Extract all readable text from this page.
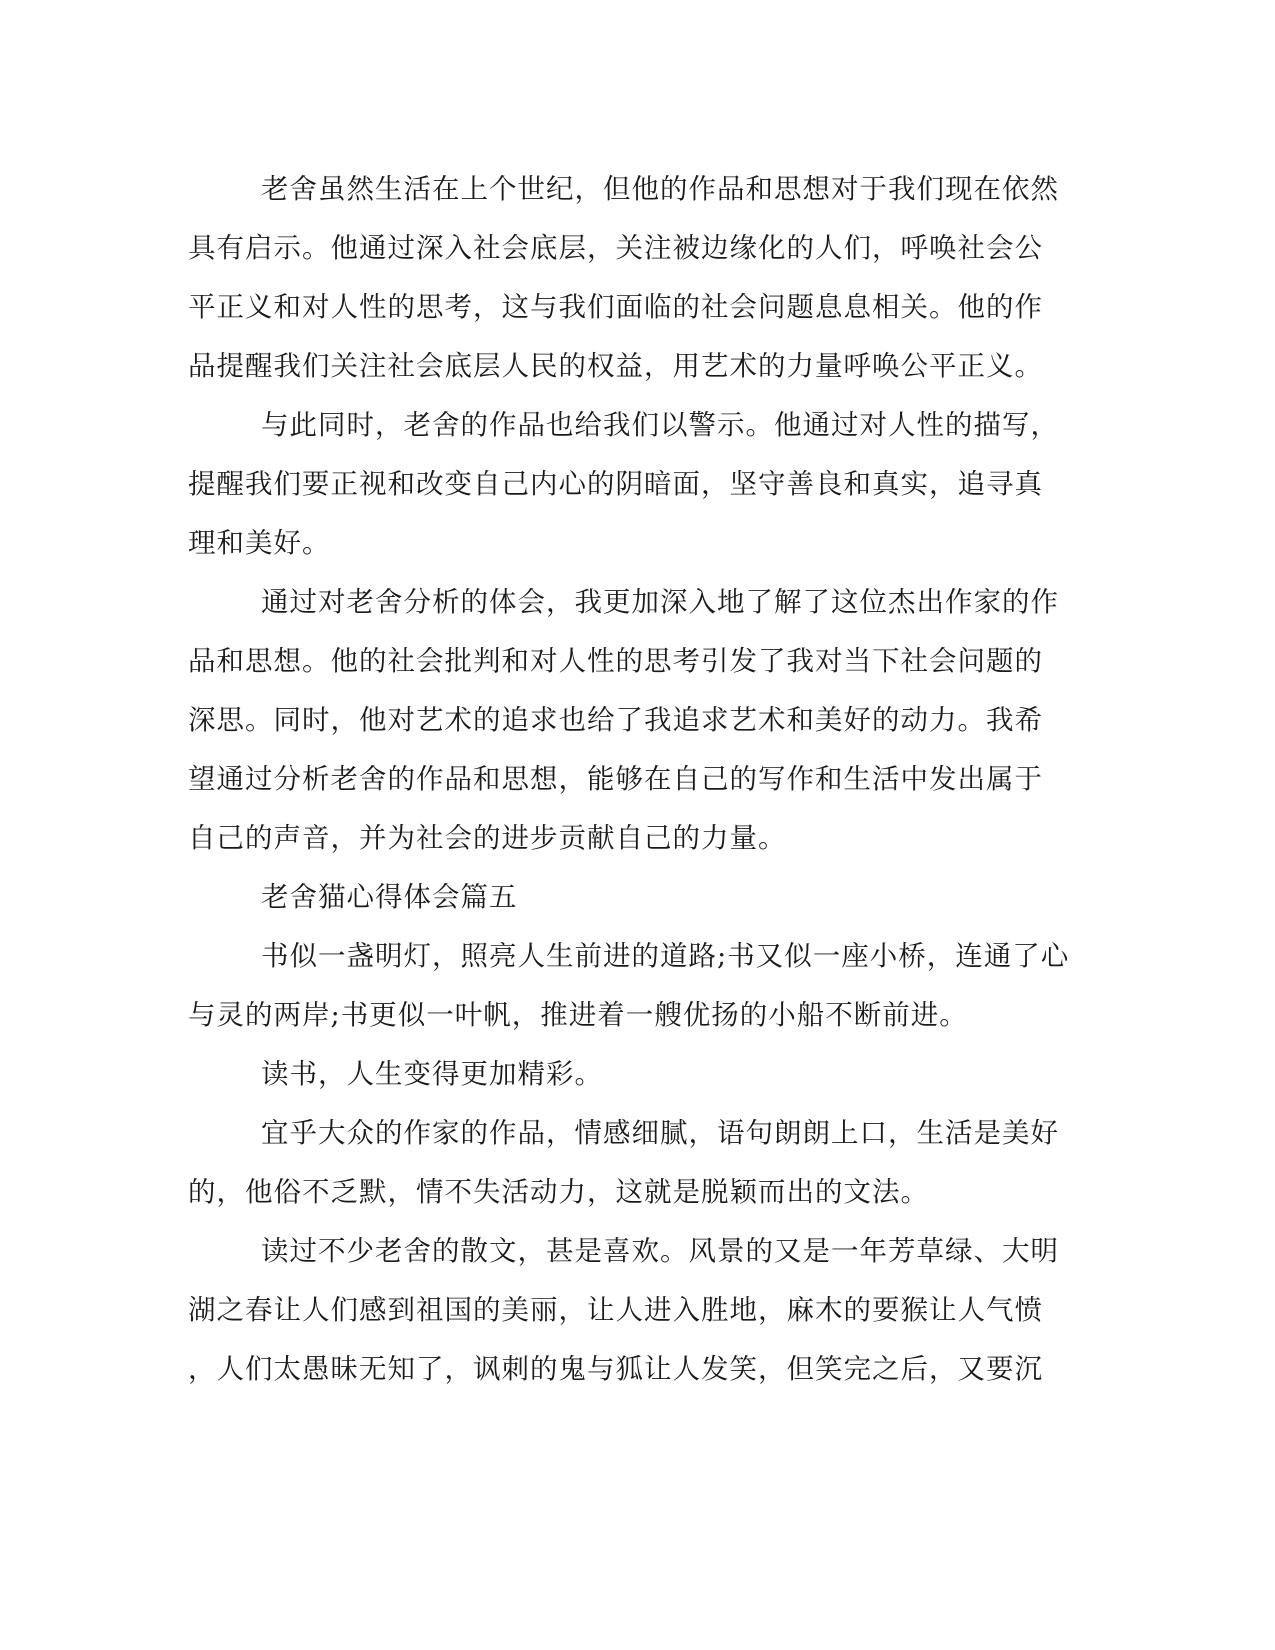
老舍虽然生活在上个世纪，但他的作品和思想对于我们现在依然
具有启示。他通过深入社会底层，关注被边缘化的人们，呼唤社会公
平正义和对人性的思考，这与我们面临的社会问题息息相关。他的作
品提醒我们关注社会底层人民的权益，用艺术的力量呼唤公平正义。
与此同时，老舍的作品也给我们以警示。他通过对人性的描写，
提醒我们要正视和改变自己内心的阴暗面，坚守善良和真实，追寻真
理和美好。
通过对老舍分析的体会，我更加深入地了解了这位杰出作家的作
品和思想。他的社会批判和对人性的思考引发了我对当下社会问题的
深思。同时，他对艺术的追求也给了我追求艺术和美好的动力。我希
望通过分析老舍的作品和思想，能够在自己的写作和生活中发出属于
自己的声音，并为社会的进步贡献自己的力量。
老舍猫心得体会篇五
书似一盏明灯，照亮人生前进的道路;书又似一座小桥，连通了心
与灵的两岸;书更似一叶帆，推进着一艘优扬的小船不断前进。
读书，人生变得更加精彩。
宜乎大众的作家的作品，情感细腻，语句朗朗上口，生活是美好
的，他俗不乏默，情不失活动力，这就是脱颖而出的文法。
读过不少老舍的散文，甚是喜欢。风景的又是一年芳草绿、大明
湖之春让人们感到祖国的美丽，让人进入胜地，麻木的要猴让人气愤
，人们太愚昧无知了，讽刺的鬼与狐让人发笑，但笑完之后，又要沉
